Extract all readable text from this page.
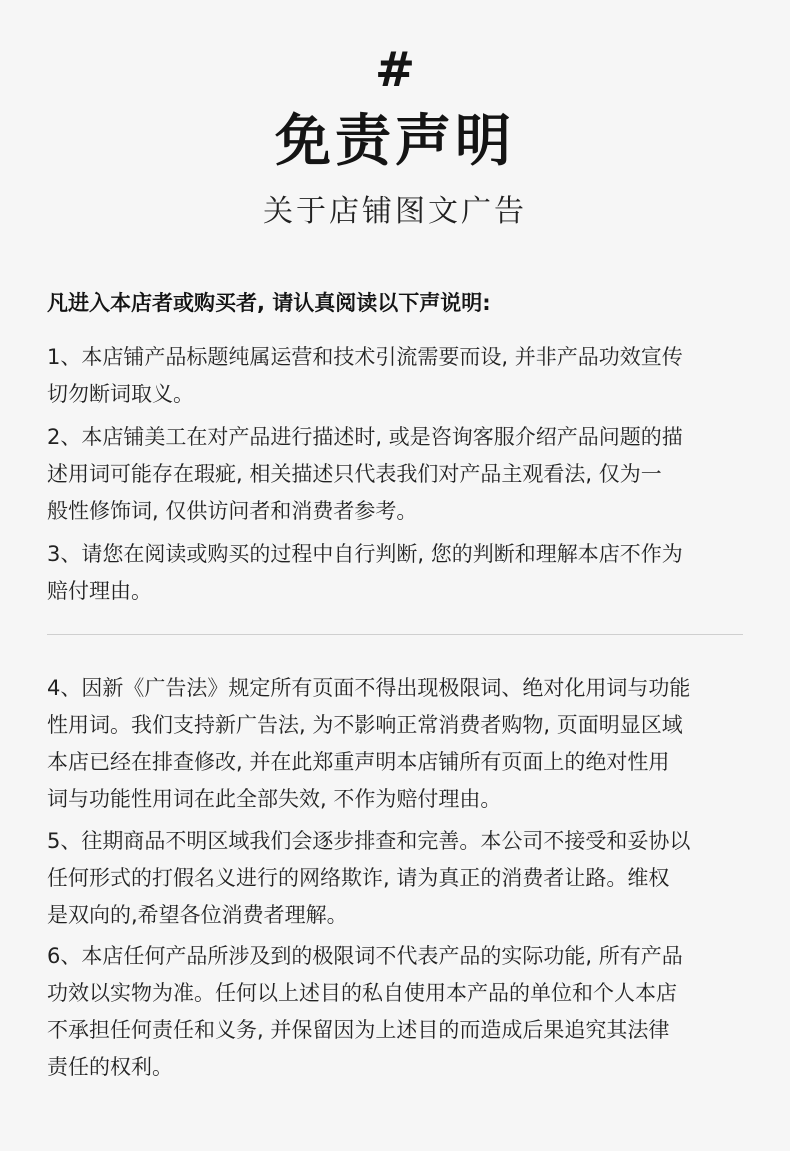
#
免责声明
关于店铺图文广告
凡进入本店者或购买者, 请认真阅读以下声说明:
1、本店铺产品标题纯属运营和技术引流需要而设, 并非产品功效宣传
切勿断词取义。
2、本店铺美工在对产品进行描述时, 或是咨询客服介绍产品问题的描
述用词可能存在瑕疵, 相关描述只代表我们对产品主观看法, 仅为一
般性修饰词, 仅供访问者和消费者参考。
3、请您在阅读或购买的过程中自行判断, 您的判断和理解本店不作为
赔付理由。
4、因新《广告法》规定所有页面不得出现极限词、绝对化用词与功能
性用词。我们支持新广告法, 为不影响正常消费者购物, 页面明显区域
本店已经在排查修改, 并在此郑重声明本店铺所有页面上的绝对性用
词与功能性用词在此全部失效, 不作为赔付理由。
5、往期商品不明区域我们会逐步排查和完善。本公司不接受和妥协以
任何形式的打假名义进行的网络欺诈, 请为真正的消费者让路。维权
是双向的,希望各位消费者理解。
6、本店任何产品所涉及到的极限词不代表产品的实际功能, 所有产品
功效以实物为准。任何以上述目的私自使用本产品的单位和个人本店
不承担任何责任和义务, 并保留因为上述目的而造成后果追究其法律
责任的权利。
